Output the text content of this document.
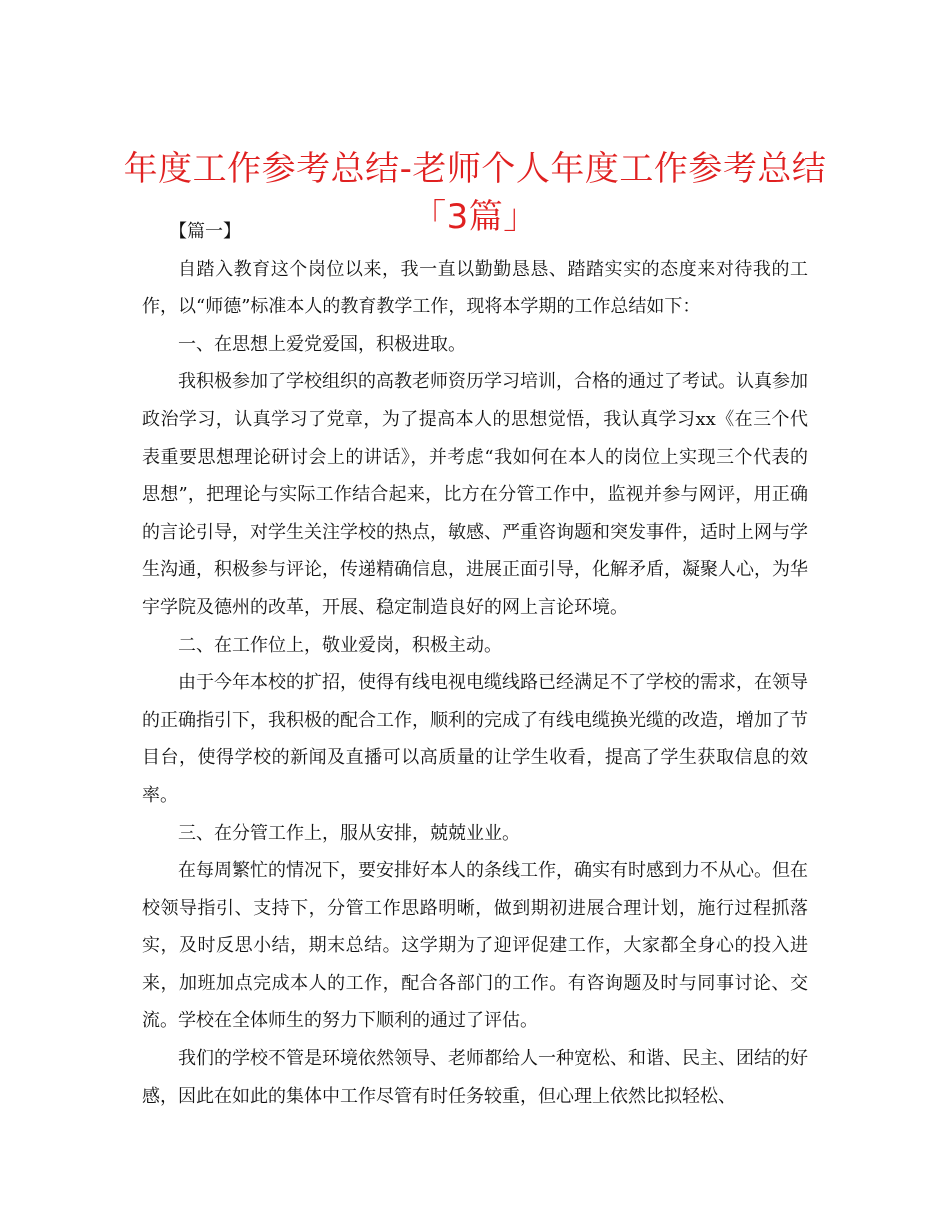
年度工作参考总结-老师个人年度工作参考总结
「3篇」

【篇一】

自踏入教育这个岗位以来，我一直以勤勤恳恳、踏踏实实的态度来对待我的工作，以“师德”标准本人的教育教学工作，现将本学期的工作总结如下：

一、在思想上爱党爱国，积极进取。

我积极参加了学校组织的高教老师资历学习培训，合格的通过了考试。认真参加政治学习，认真学习了党章，为了提高本人的思想觉悟，我认真学习xx《在三个代表重要思想理论研讨会上的讲话》，并考虑“我如何在本人的岗位上实现三个代表的思想”，把理论与实际工作结合起来，比方在分管工作中，监视并参与网评，用正确的言论引导，对学生关注学校的热点，敏感、严重咨询题和突发事件，适时上网与学生沟通，积极参与评论，传递精确信息，进展正面引导，化解矛盾，凝聚人心，为华宇学院及德州的改革，开展、稳定制造良好的网上言论环境。

二、在工作位上，敬业爱岗，积极主动。

由于今年本校的扩招，使得有线电视电缆线路已经满足不了学校的需求，在领导的正确指引下，我积极的配合工作，顺利的完成了有线电缆换光缆的改造，增加了节目台，使得学校的新闻及直播可以高质量的让学生收看，提高了学生获取信息的效率。

三、在分管工作上，服从安排，兢兢业业。

在每周繁忙的情况下，要安排好本人的条线工作，确实有时感到力不从心。但在校领导指引、支持下，分管工作思路明晰，做到期初进展合理计划，施行过程抓落实，及时反思小结，期末总结。这学期为了迎评促建工作，大家都全身心的投入进来，加班加点完成本人的工作，配合各部门的工作。有咨询题及时与同事讨论、交流。学校在全体师生的努力下顺利的通过了评估。

我们的学校不管是环境依然领导、老师都给人一种宽松、和谐、民主、团结的好感，因此在如此的集体中工作尽管有时任务较重，但心理上依然比拟轻松、
